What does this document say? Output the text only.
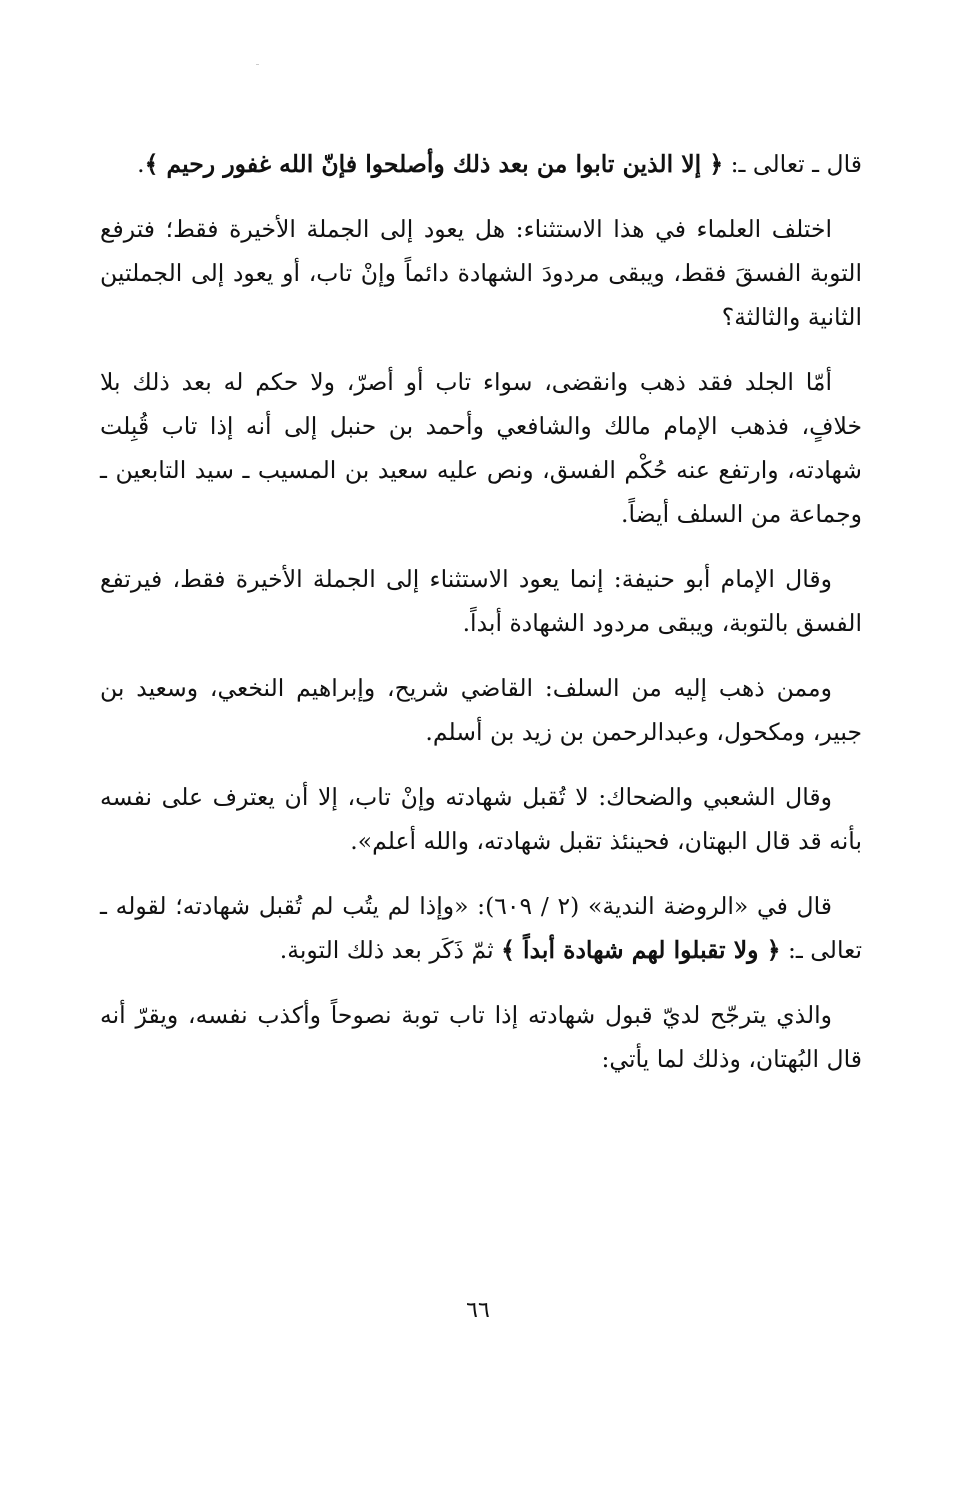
قال ـ تعالى ـ: ﴿ إلا الذين تابوا من بعد ذلك وأصلحوا فإنّ الله غفور رحيم ﴾.

اختلف العلماء في هذا الاستثناء: هل يعود إلى الجملة الأخيرة فقط؛ فترفع التوبة الفسقَ فقط، ويبقى مردودَ الشهادة دائماً وإنْ تاب، أو يعود إلى الجملتين الثانية والثالثة؟

أمّا الجلد فقد ذهب وانقضى، سواء تاب أو أصرّ، ولا حكم له بعد ذلك بلا خلافٍ، فذهب الإمام مالك والشافعي وأحمد بن حنبل إلى أنه إذا تاب قُبِلت شهادته، وارتفع عنه حُكْم الفسق، ونص عليه سعيد بن المسيب ـ سيد التابعين ـ وجماعة من السلف أيضاً.

وقال الإمام أبو حنيفة: إنما يعود الاستثناء إلى الجملة الأخيرة فقط، فيرتفع الفسق بالتوبة، ويبقى مردود الشهادة أبداً.

وممن ذهب إليه من السلف: القاضي شريح، وإبراهيم النخعي، وسعيد بن جبير، ومكحول، وعبدالرحمن بن زيد بن أسلم.

وقال الشعبي والضحاك: لا تُقبل شهادته وإنْ تاب، إلا أن يعترف على نفسه بأنه قد قال البهتان، فحينئذ تقبل شهادته، والله أعلم».

قال في «الروضة الندية» (٢ / ٦٠٩): «وإذا لم يتُب لم تُقبل شهادته؛ لقوله ـ تعالى ـ: ﴿ ولا تقبلوا لهم شهادة أبداً ﴾ ثمّ ذَكَر بعد ذلك التوبة.

والذي يترجّح لديّ قبول شهادته إذا تاب توبة نصوحاً وأكذب نفسه، ويقرّ أنه قال البُهتان، وذلك لما يأتي:

٦٦
